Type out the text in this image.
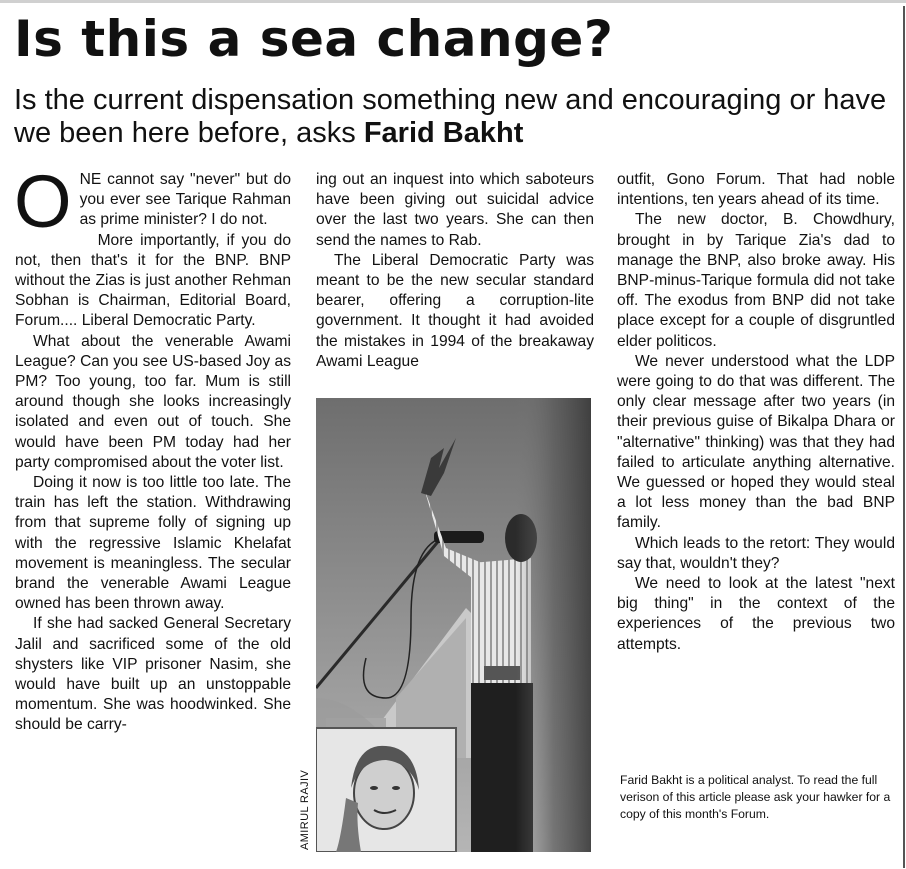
Is this a sea change?
Is the current dispensation something new and encouraging or have we been here before, asks Farid Bakht

ONE cannot say "never" but do you ever see Tarique Rahman as prime minister? I do not.

More importantly, if you do not, then that's it for the BNP. BNP without the Zias is just another Rehman Sobhan is Chairman, Editorial Board, Forum.... Liberal Democratic Party.

What about the venerable Awami League? Can you see US-based Joy as PM? Too young, too far. Mum is still around though she looks increasingly isolated and even out of touch. She would have been PM today had her party compromised about the voter list.

Doing it now is too little too late. The train has left the station. Withdrawing from that supreme folly of signing up with the regressive Islamic Khelafat movement is meaningless. The secular brand the venerable Awami League owned has been thrown away.

If she had sacked General Secretary Jalil and sacrificed some of the old shysters like VIP prisoner Nasim, she would have built up an unstoppable momentum. She was hoodwinked. She should be carry-

ing out an inquest into which saboteurs have been giving out suicidal advice over the last two years. She can then send the names to Rab.

The Liberal Democratic Party was meant to be the new secular standard bearer, offering a corruption-lite government. It thought it had avoided the mistakes in 1994 of the breakaway Awami League

AMIRUL RAJIV

outfit, Gono Forum. That had noble intentions, ten years ahead of its time.

The new doctor, B. Chowdhury, brought in by Tarique Zia's dad to manage the BNP, also broke away. His BNP-minus-Tarique formula did not take off. The exodus from BNP did not take place except for a couple of disgruntled elder politicos.

We never understood what the LDP were going to do that was different. The only clear message after two years (in their previous guise of Bikalpa Dhara or "alternative" thinking) was that they had failed to articulate anything alternative. We guessed or hoped they would steal a lot less money than the bad BNP family.

Which leads to the retort: They would say that, wouldn't they?

We need to look at the latest "next big thing" in the context of the experiences of the previous two attempts.

Farid Bakht is a political analyst. To read the full verison of this article please ask your hawker for a copy of this month's Forum.
